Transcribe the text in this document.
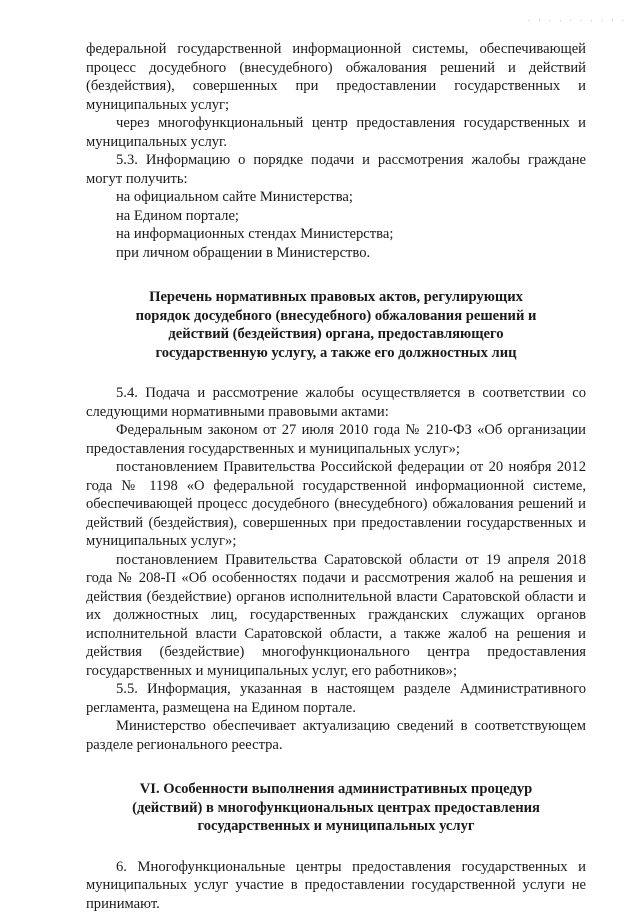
· · · · · · · · · ·

федеральной государственной информационной системы, обеспечивающей процесс досудебного (внесудебного) обжалования решений и действий (бездействия), совершенных при предоставлении государственных и муниципальных услуг;

через многофункциональный центр предоставления государственных и муниципальных услуг.

5.3. Информацию о порядке подачи и рассмотрения жалобы граждане могут получить:

на официальном сайте Министерства;

на Едином портале;

на информационных стендах Министерства;

при личном обращении в Министерство.

Перечень нормативных правовых актов, регулирующих порядок досудебного (внесудебного) обжалования решений и действий (бездействия) органа, предоставляющего государственную услугу, а также его должностных лиц

5.4. Подача и рассмотрение жалобы осуществляется в соответствии со следующими нормативными правовыми актами:

Федеральным законом от 27 июля 2010 года № 210-ФЗ «Об организации предоставления государственных и муниципальных услуг»;

постановлением Правительства Российской федерации от 20 ноября 2012 года № 1198 «О федеральной государственной информационной системе, обеспечивающей процесс досудебного (внесудебного) обжалования решений и действий (бездействия), совершенных при предоставлении государственных и муниципальных услуг»;

постановлением Правительства Саратовской области от 19 апреля 2018 года № 208-П «Об особенностях подачи и рассмотрения жалоб на решения и действия (бездействие) органов исполнительной власти Саратовской области и их должностных лиц, государственных гражданских служащих органов исполнительной власти Саратовской области, а также жалоб на решения и действия (бездействие) многофункционального центра предоставления государственных и муниципальных услуг, его работников»;

5.5. Информация, указанная в настоящем разделе Административного регламента, размещена на Едином портале.

Министерство обеспечивает актуализацию сведений в соответствующем разделе регионального реестра.

VI. Особенности выполнения административных процедур (действий) в многофункциональных центрах предоставления государственных и муниципальных услуг

6. Многофункциональные центры предоставления государственных и муниципальных услуг участие в предоставлении государственной услуги не принимают.
